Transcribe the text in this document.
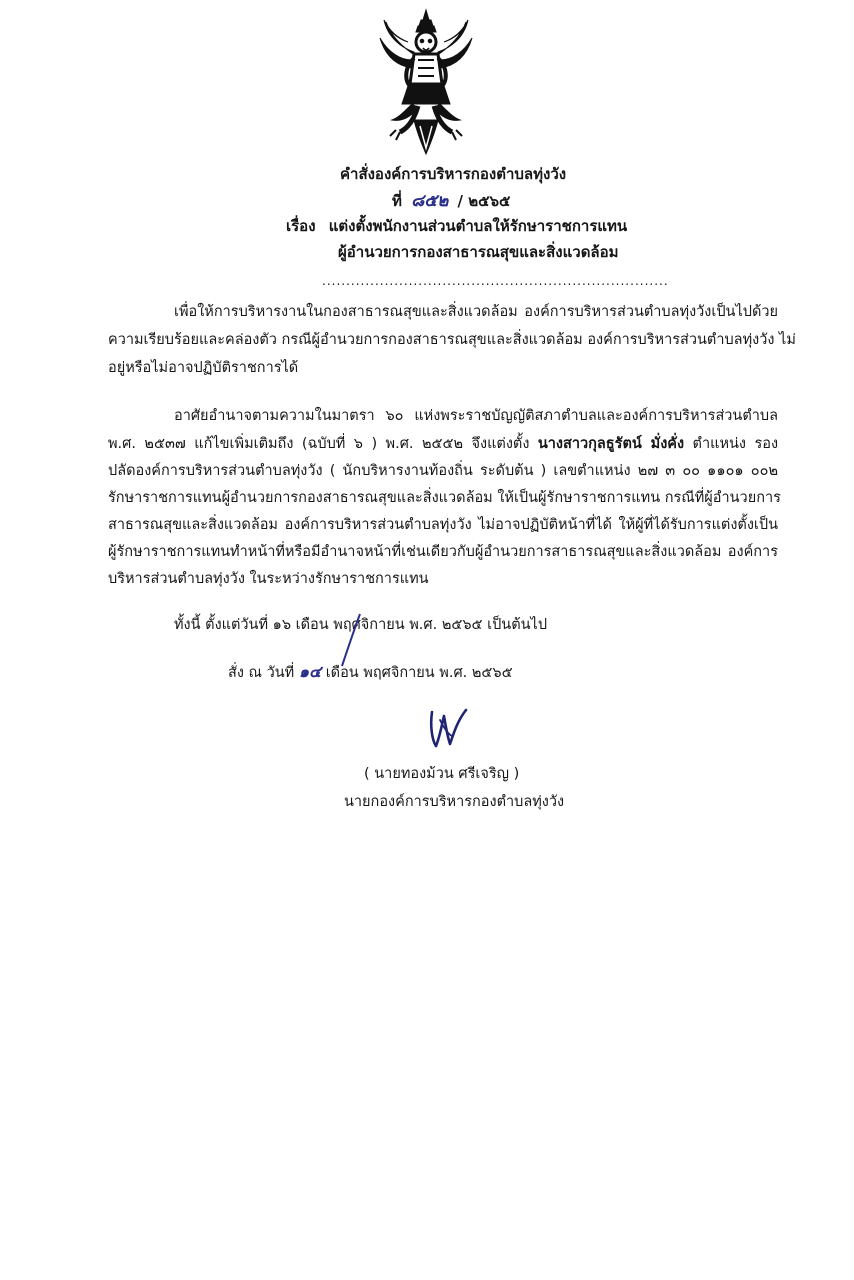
คำสั่งองค์การบริหารกองตำบลทุ่งวัง
ที่ ๘๕๒ / ๒๕๖๕
เรื่อง แต่งตั้งพนักงานส่วนตำบลให้รักษาราชการแทน
ผู้อำนวยการกองสาธารณสุขและสิ่งแวดล้อม
........................................................................
เพื่อให้การบริหารงานในกองสาธารณสุขและสิ่งแวดล้อม องค์การบริหารส่วนตำบลทุ่งวังเป็นไปด้วย
ความเรียบร้อยและคล่องตัว กรณีผู้อำนวยการกองสาธารณสุขและสิ่งแวดล้อม องค์การบริหารส่วนตำบลทุ่งวัง ไม่
อยู่หรือไม่อาจปฏิบัติราชการได้
อาศัยอำนาจตามความในมาตรา ๖๐ แห่งพระราชบัญญัติสภาตำบลและองค์การบริหารส่วนตำบล
พ.ศ. ๒๕๓๗ แก้ไขเพิ่มเติมถึง (ฉบับที่ ๖ ) พ.ศ. ๒๕๕๒ จึงแต่งตั้ง นางสาวกุลธูรัตน์ มั่งคั่ง ตำแหน่ง รอง
ปลัดองค์การบริหารส่วนตำบลทุ่งวัง ( นักบริหารงานท้องถิ่น ระดับต้น ) เลขตำแหน่ง ๒๗ ๓ ๐๐ ๑๑๐๑ ๐๐๒
รักษาราชการแทนผู้อำนวยการกองสาธารณสุขและสิ่งแวดล้อม ให้เป็นผู้รักษาราชการแทน กรณีที่ผู้อำนวยการ
สาธารณสุขและสิ่งแวดล้อม องค์การบริหารส่วนตำบลทุ่งวัง ไม่อาจปฏิบัติหน้าที่ได้ ให้ผู้ที่ได้รับการแต่งตั้งเป็น
ผู้รักษาราชการแทนทำหน้าที่หรือมีอำนาจหน้าที่เช่นเดียวกับผู้อำนวยการสาธารณสุขและสิ่งแวดล้อม องค์การ
บริหารส่วนตำบลทุ่งวัง ในระหว่างรักษาราชการแทน
ทั้งนี้ ตั้งแต่วันที่ ๑๖ เดือน พฤศจิกายน พ.ศ. ๒๕๖๕ เป็นต้นไป
สั่ง ณ วันที่ ๑๔ เดือน พฤศจิกายน พ.ศ. ๒๕๖๕
( นายทองม้วน ศรีเจริญ )
นายกองค์การบริหารกองตำบลทุ่งวัง
